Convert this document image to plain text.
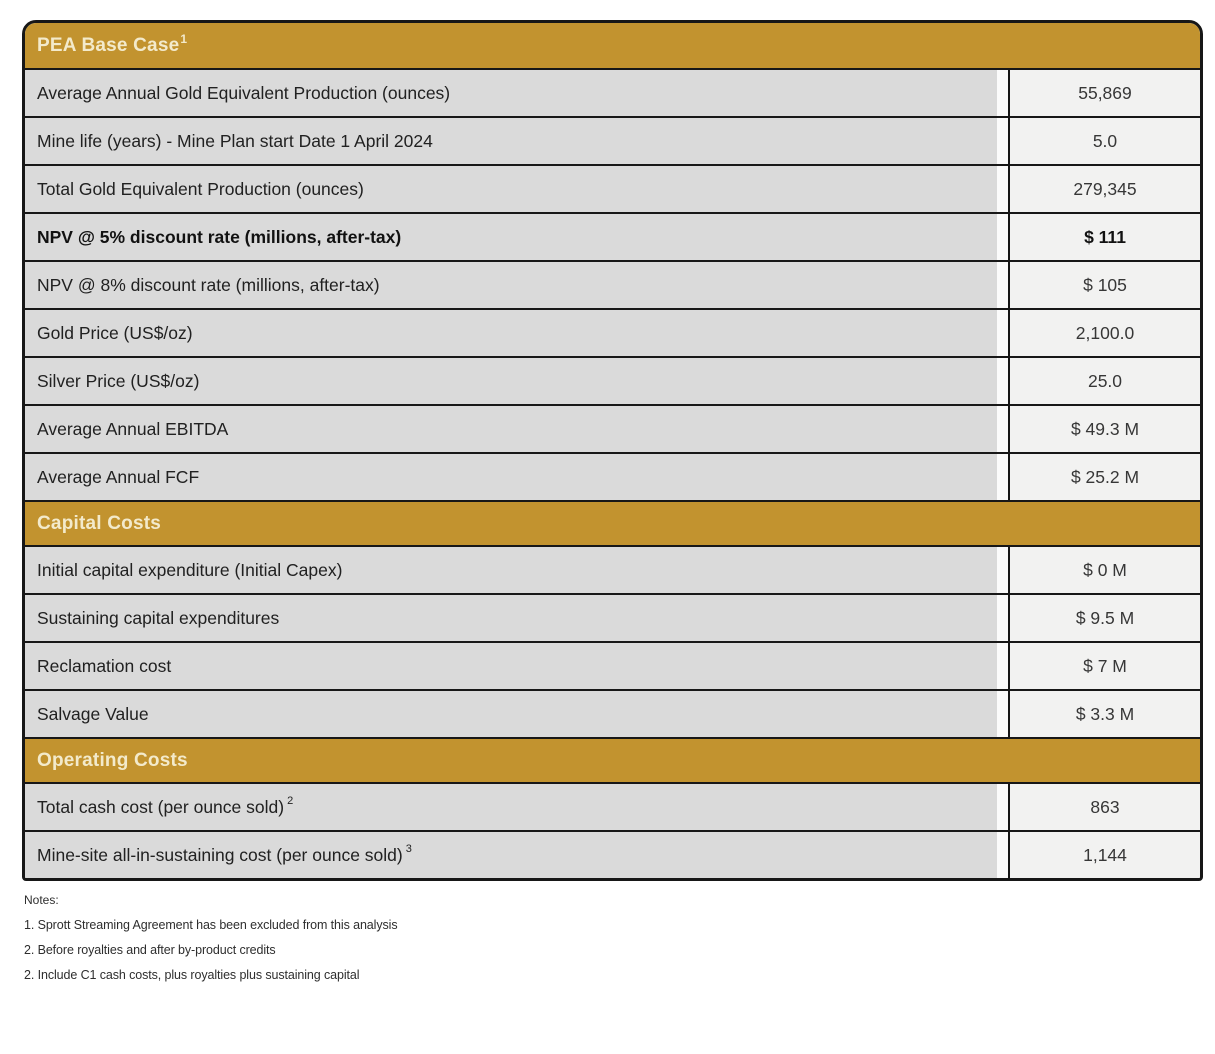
PEA Base Case$^1$
Average Annual Gold Equivalent Production (ounces)	55,869
Mine life (years) - Mine Plan start Date 1 April 2024	5.0
Total Gold Equivalent Production (ounces)	279,345
NPV @ 5% discount rate (millions, after-tax)	$ 111
NPV @ 8% discount rate (millions, after-tax)	$ 105
Gold Price (US$/oz)	2,100.0
Silver Price (US$/oz)	25.0
Average Annual EBITDA	$ 49.3 M
Average Annual FCF	$ 25.2 M
Capital Costs
Initial capital expenditure (Initial Capex)	$ 0 M
Sustaining capital expenditures	$ 9.5 M
Reclamation cost	$ 7 M
Salvage Value	$ 3.3 M
Operating Costs
Total cash cost (per ounce sold) $^2$	863
Mine-site all-in-sustaining cost (per ounce sold) $^3$	1,144
Notes:
1. Sprott Streaming Agreement has been excluded from this analysis
2. Before royalties and after by-product credits
2. Include C1 cash costs, plus royalties plus sustaining capital
